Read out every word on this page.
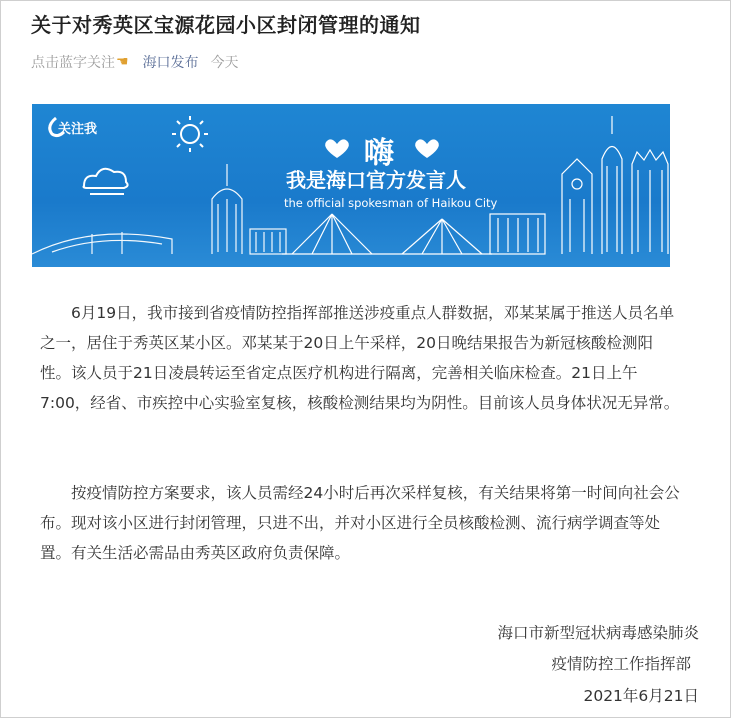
关于对秀英区宝源花园小区封闭管理的通知
点击蓝字关注 ☚ 海口发布 今天
关注我
嗨
我是海口官方发言人
the official spokesman of Haikou City

6月19日，我市接到省疫情防控指挥部推送涉疫重点人群数据，邓某某属于推送人员名单之一，居住于秀英区某小区。邓某某于20日上午采样，20日晚结果报告为新冠核酸检测阳性。该人员于21日凌晨转运至省定点医疗机构进行隔离，完善相关临床检查。21日上午7:00，经省、市疾控中心实验室复核，核酸检测结果均为阴性。目前该人员身体状况无异常。

按疫情防控方案要求，该人员需经24小时后再次采样复核，有关结果将第一时间向社会公布。现对该小区进行封闭管理，只进不出，并对小区进行全员核酸检测、流行病学调查等处置。有关生活必需品由秀英区政府负责保障。

海口市新型冠状病毒感染肺炎
疫情防控工作指挥部
2021年6月21日
